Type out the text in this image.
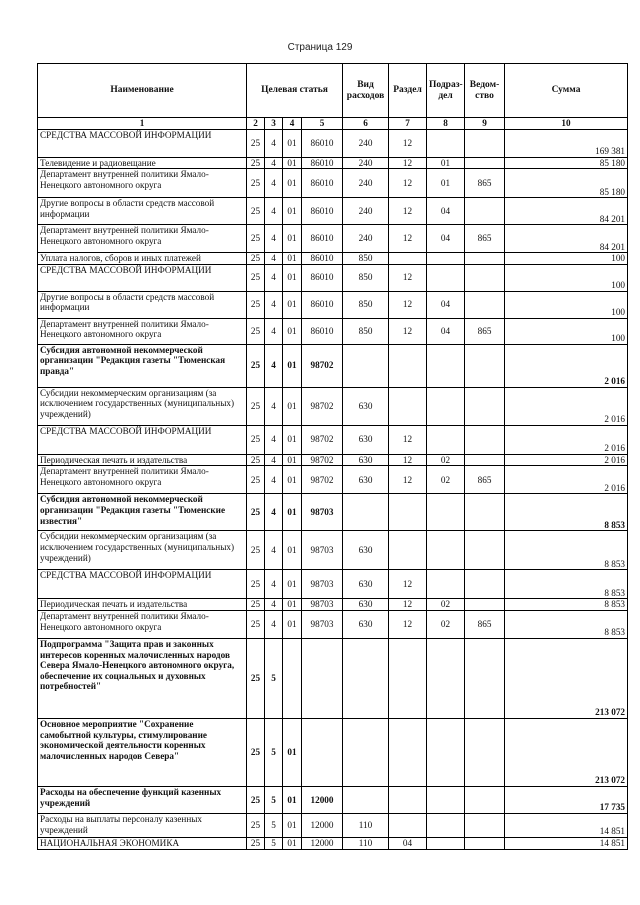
Страница 129
Наименование	Целевая статья				Вид расходов	Раздел	Подраз-дел	Ведом-ство	Сумма
1	2	3	4	5	6	7	8	9	10
СРЕДСТВА МАССОВОЙ ИНФОРМАЦИИ	25	4	01	86010	240	12			169 381
Телевидение и радиовещание	25	4	01	86010	240	12	01		85 180
Департамент внутренней политики Ямало-Ненецкого автономного округа	25	4	01	86010	240	12	01	865	85 180
Другие вопросы в области средств массовой информации	25	4	01	86010	240	12	04		84 201
Департамент внутренней политики Ямало-Ненецкого автономного округа	25	4	01	86010	240	12	04	865	84 201
Уплата налогов, сборов и иных платежей	25	4	01	86010	850				100
СРЕДСТВА МАССОВОЙ ИНФОРМАЦИИ	25	4	01	86010	850	12			100
Другие вопросы в области средств массовой информации	25	4	01	86010	850	12	04		100
Департамент внутренней политики Ямало-Ненецкого автономного округа	25	4	01	86010	850	12	04	865	100
Субсидия автономной некоммерческой организации "Редакция газеты "Тюменская правда"	25	4	01	98702					2 016
Субсидии некоммерческим организациям (за исключением государственных (муниципальных) учреждений)	25	4	01	98702	630				2 016
СРЕДСТВА МАССОВОЙ ИНФОРМАЦИИ	25	4	01	98702	630	12			2 016
Периодическая печать и издательства	25	4	01	98702	630	12	02		2 016
Департамент внутренней политики Ямало-Ненецкого автономного округа	25	4	01	98702	630	12	02	865	2 016
Субсидия автономной некоммерческой организации "Редакция газеты "Тюменские известия"	25	4	01	98703					8 853
Субсидии некоммерческим организациям (за исключением государственных (муниципальных) учреждений)	25	4	01	98703	630				8 853
СРЕДСТВА МАССОВОЙ ИНФОРМАЦИИ	25	4	01	98703	630	12			8 853
Периодическая печать и издательства	25	4	01	98703	630	12	02		8 853
Департамент внутренней политики Ямало-Ненецкого автономного округа	25	4	01	98703	630	12	02	865	8 853
Подпрограмма "Защита прав и законных интересов коренных малочисленных народов Севера Ямало-Ненецкого автономного округа, обеспечение их социальных и духовных потребностей"	25	5							213 072
Основное мероприятие "Сохранение самобытной культуры, стимулирование экономической деятельности коренных малочисленных народов Севера"	25	5	01						213 072
Расходы на обеспечение функций казенных учреждений	25	5	01	12000					17 735
Расходы на выплаты персоналу казенных учреждений	25	5	01	12000	110				14 851
НАЦИОНАЛЬНАЯ ЭКОНОМИКА	25	5	01	12000	110	04			14 851
